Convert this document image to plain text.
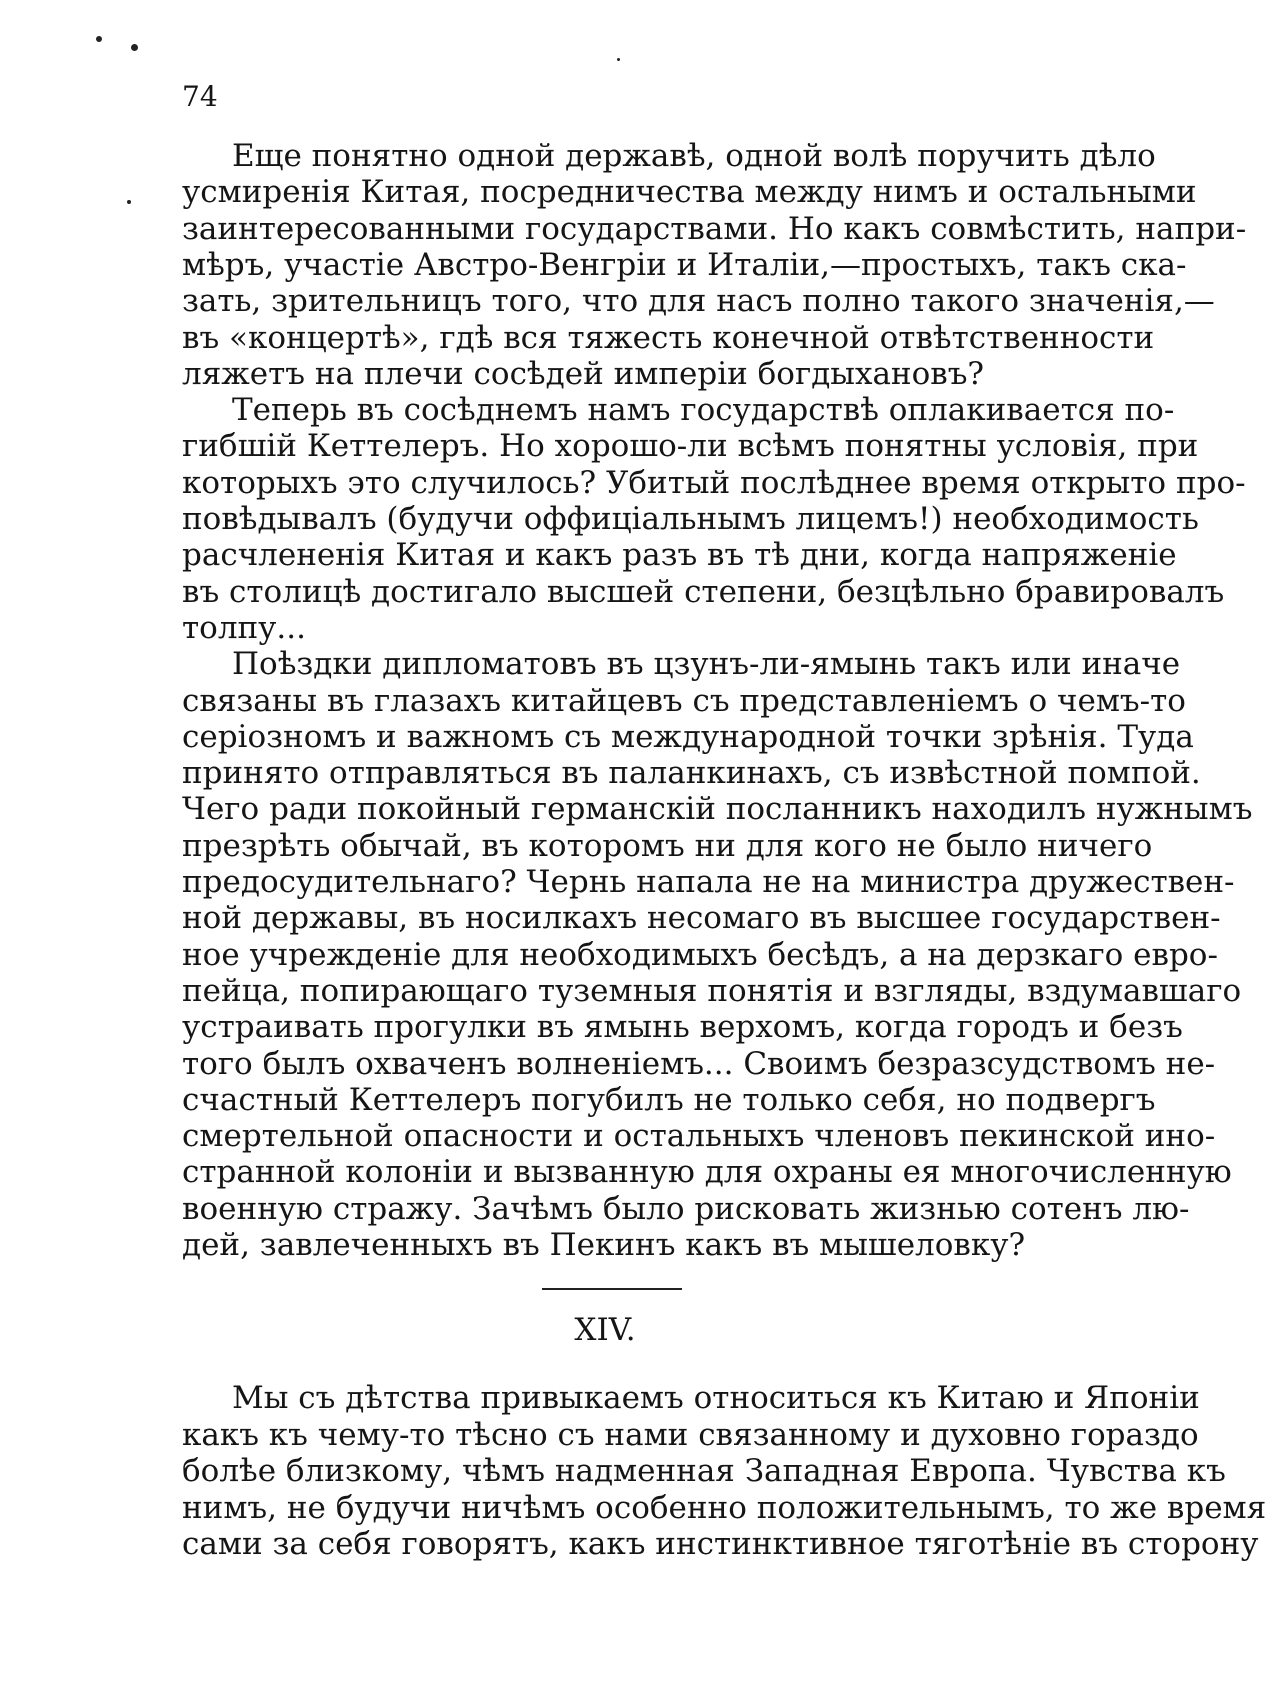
74
Еще понятно одной державѣ, одной волѣ поручить дѣло
усмиренія Китая, посредничества между нимъ и остальными
заинтересованными государствами. Но какъ совмѣстить, напри-
мѣръ, участіе Австро-Венгріи и Италіи,—простыхъ, такъ ска-
зать, зрительницъ того, что для насъ полно такого значенія,—
въ «концертѣ», гдѣ вся тяжесть конечной отвѣтственности
ляжетъ на плечи сосѣдей имперіи богдыхановъ?
Теперь въ сосѣднемъ намъ государствѣ оплакивается по-
гибшій Кеттелеръ. Но хорошо-ли всѣмъ понятны условія, при
которыхъ это случилось? Убитый послѣднее время открыто про-
повѣдывалъ (будучи оффиціальнымъ лицемъ!) необходимость
расчлененія Китая и какъ разъ въ тѣ дни, когда напряженіе
въ столицѣ достигало высшей степени, безцѣльно бравировалъ
толпу...
Поѣздки дипломатовъ въ цзунъ-ли-ямынь такъ или иначе
связаны въ глазахъ китайцевъ съ представленіемъ о чемъ-то
серіозномъ и важномъ съ международной точки зрѣнія. Туда
принято отправляться въ паланкинахъ, съ извѣстной помпой.
Чего ради покойный германскій посланникъ находилъ нужнымъ
презрѣть обычай, въ которомъ ни для кого не было ничего
предосудительнаго? Чернь напала не на министра дружествен-
ной державы, въ носилкахъ несомаго въ высшее государствен-
ное учрежденіе для необходимыхъ бесѣдъ, а на дерзкаго евро-
пейца, попирающаго туземныя понятія и взгляды, вздумавшаго
устраивать прогулки въ ямынь верхомъ, когда городъ и безъ
того былъ охваченъ волненіемъ... Своимъ безразсудствомъ не-
счастный Кеттелеръ погубилъ не только себя, но подвергъ
смертельной опасности и остальныхъ членовъ пекинской ино-
странной колоніи и вызванную для охраны ея многочисленную
военную стражу. Зачѣмъ было рисковать жизнью сотенъ лю-
дей, завлеченныхъ въ Пекинъ какъ въ мышеловку?
XIV.
Мы съ дѣтства привыкаемъ относиться къ Китаю и Японіи
какъ къ чему-то тѣсно съ нами связанному и духовно гораздо
болѣе близкому, чѣмъ надменная Западная Европа. Чувства къ
нимъ, не будучи ничѣмъ особенно положительнымъ, то же время
сами за себя говорятъ, какъ инстинктивное тяготѣніе въ сторону
